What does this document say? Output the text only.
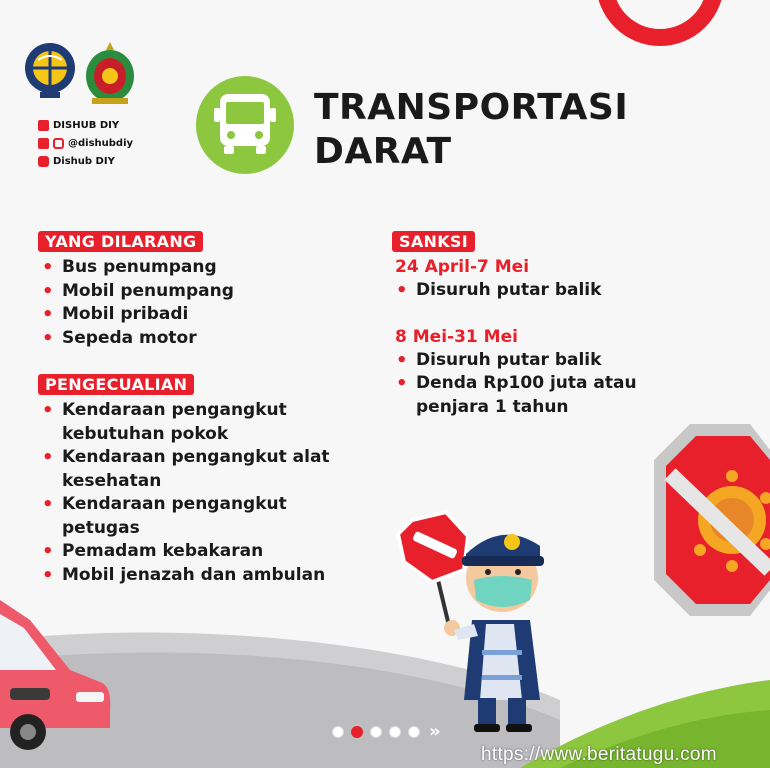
DISHUB DIY
@dishubdiy
Dishub DIY
TRANSPORTASI
DARAT
YANG DILARANG
• Bus penumpang
• Mobil penumpang
• Mobil pribadi
• Sepeda motor
PENGECUALIAN
• Kendaraan pengangkut
kebutuhan pokok
• Kendaraan pengangkut alat
kesehatan
• Kendaraan pengangkut
petugas
• Pemadam kebakaran
• Mobil jenazah dan ambulan
SANKSI
24 April-7 Mei
• Disuruh putar balik
8 Mei-31 Mei
• Disuruh putar balik
• Denda Rp100 juta atau
penjara 1 tahun
»
https://www.beritatugu.com
